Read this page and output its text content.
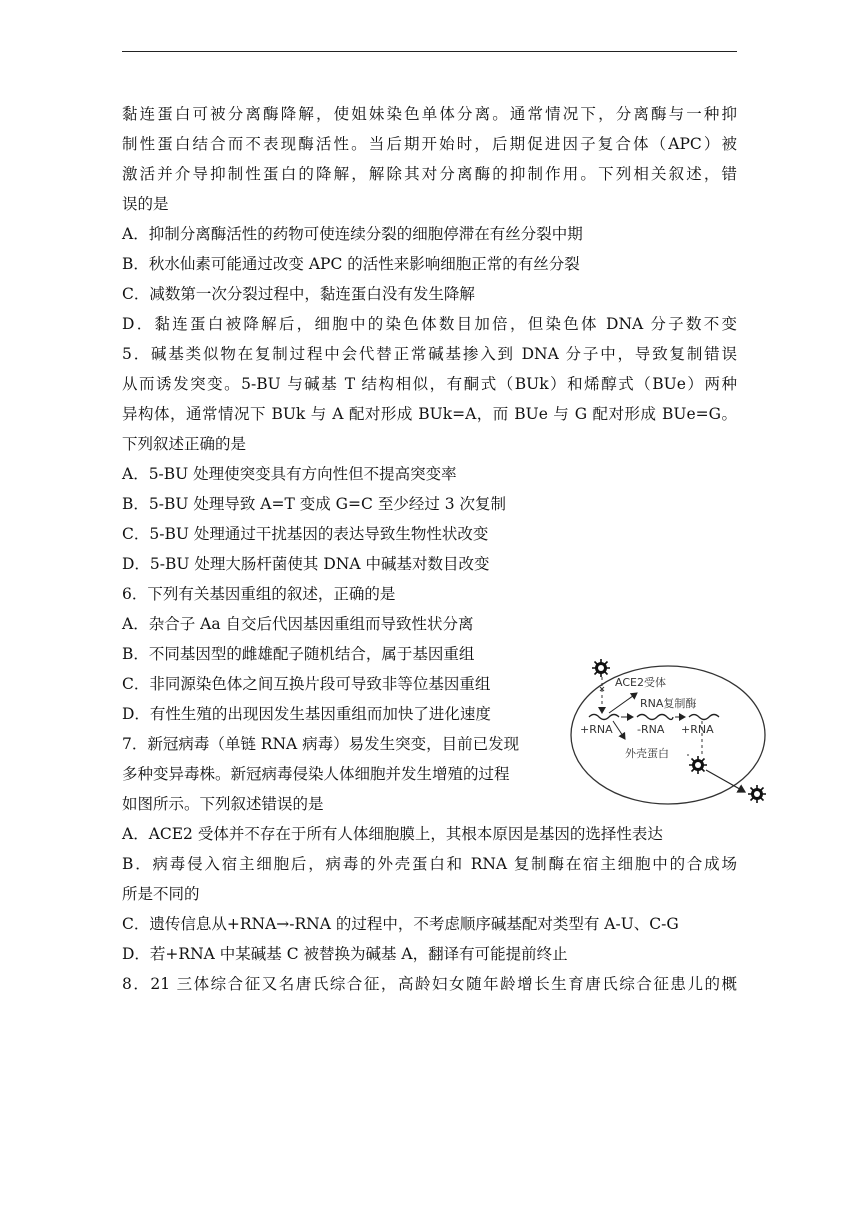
黏连蛋白可被分离酶降解，使姐妹染色单体分离。通常情况下，分离酶与一种抑
制性蛋白结合而不表现酶活性。当后期开始时，后期促进因子复合体（APC）被
激活并介导抑制性蛋白的降解，解除其对分离酶的抑制作用。下列相关叙述，错
误的是
A．抑制分离酶活性的药物可使连续分裂的细胞停滞在有丝分裂中期
B．秋水仙素可能通过改变 APC 的活性来影响细胞正常的有丝分裂
C．减数第一次分裂过程中，黏连蛋白没有发生降解
D．黏连蛋白被降解后，细胞中的染色体数目加倍，但染色体 DNA 分子数不变
5．碱基类似物在复制过程中会代替正常碱基掺入到 DNA 分子中，导致复制错误
从而诱发突变。5-BU 与碱基 T 结构相似，有酮式（BUk）和烯醇式（BUe）两种
异构体，通常情况下 BUk 与 A 配对形成 BUk=A，而 BUe 与 G 配对形成 BUe=G。
下列叙述正确的是
A．5-BU 处理使突变具有方向性但不提高突变率
B．5-BU 处理导致 A=T 变成 G=C 至少经过 3 次复制
C．5-BU 处理通过干扰基因的表达导致生物性状改变
D．5-BU 处理大肠杆菌使其 DNA 中碱基对数目改变
6．下列有关基因重组的叙述，正确的是
A．杂合子 Aa 自交后代因基因重组而导致性状分离
B．不同基因型的雌雄配子随机结合，属于基因重组
C．非同源染色体之间互换片段可导致非等位基因重组
D．有性生殖的出现因发生基因重组而加快了进化速度
7．新冠病毒（单链 RNA 病毒）易发生突变，目前已发现
多种变异毒株。新冠病毒侵染人体细胞并发生增殖的过程
如图所示。下列叙述错误的是
A．ACE2 受体并不存在于所有人体细胞膜上，其根本原因是基因的选择性表达
B．病毒侵入宿主细胞后，病毒的外壳蛋白和 RNA 复制酶在宿主细胞中的合成场
所是不同的
C．遗传信息从+RNA→-RNA 的过程中，不考虑顺序碱基配对类型有 A-U、C-G
D．若+RNA 中某碱基 C 被替换为碱基 A，翻译有可能提前终止
8．21 三体综合征又名唐氏综合征，高龄妇女随年龄增长生育唐氏综合征患儿的概
ACE2受体
RNA复制酶
+RNA -RNA +RNA
外壳蛋白
